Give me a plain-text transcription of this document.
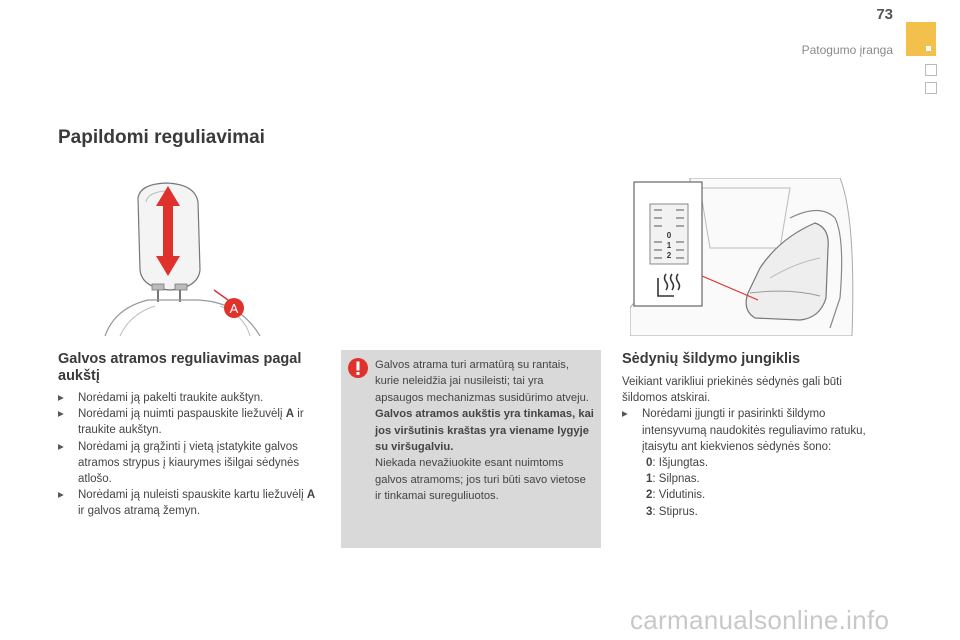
73
Patogumo įranga
Papildomi reguliavimai
A
0
1
2
Galvos atramos reguliavimas pagal aukštį
▸	Norėdami ją pakelti traukite aukštyn.
▸	Norėdami ją nuimti paspauskite liežuvėlį A ir traukite aukštyn.
▸	Norėdami ją grąžinti į vietą įstatykite galvos atramos strypus į kiaurymes išilgai sėdynės atlošo.
▸	Norėdami ją nuleisti spauskite kartu liežuvėlį A ir galvos atramą žemyn.
Galvos atrama turi armatūrą su rantais, kurie neleidžia jai nusileisti; tai yra apsaugos mechanizmas susidūrimo atveju.
Galvos atramos aukštis yra tinkamas, kai jos viršutinis kraštas yra viename lygyje su viršugalviu.
Niekada nevažiuokite esant nuimtoms galvos atramoms; jos turi būti savo vietose ir tinkamai sureguliuotos.
Sėdynių šildymo jungiklis
Veikiant varikliui priekinės sėdynės gali būti šildomos atskirai.
▸	Norėdami įjungti ir pasirinkti šildymo intensyvumą naudokitės reguliavimo ratuku, įtaisytu ant kiekvienos sėdynės šono:
0: Išjungtas.
1: Silpnas.
2: Vidutinis.
3: Stiprus.
carmanualsonline.info
